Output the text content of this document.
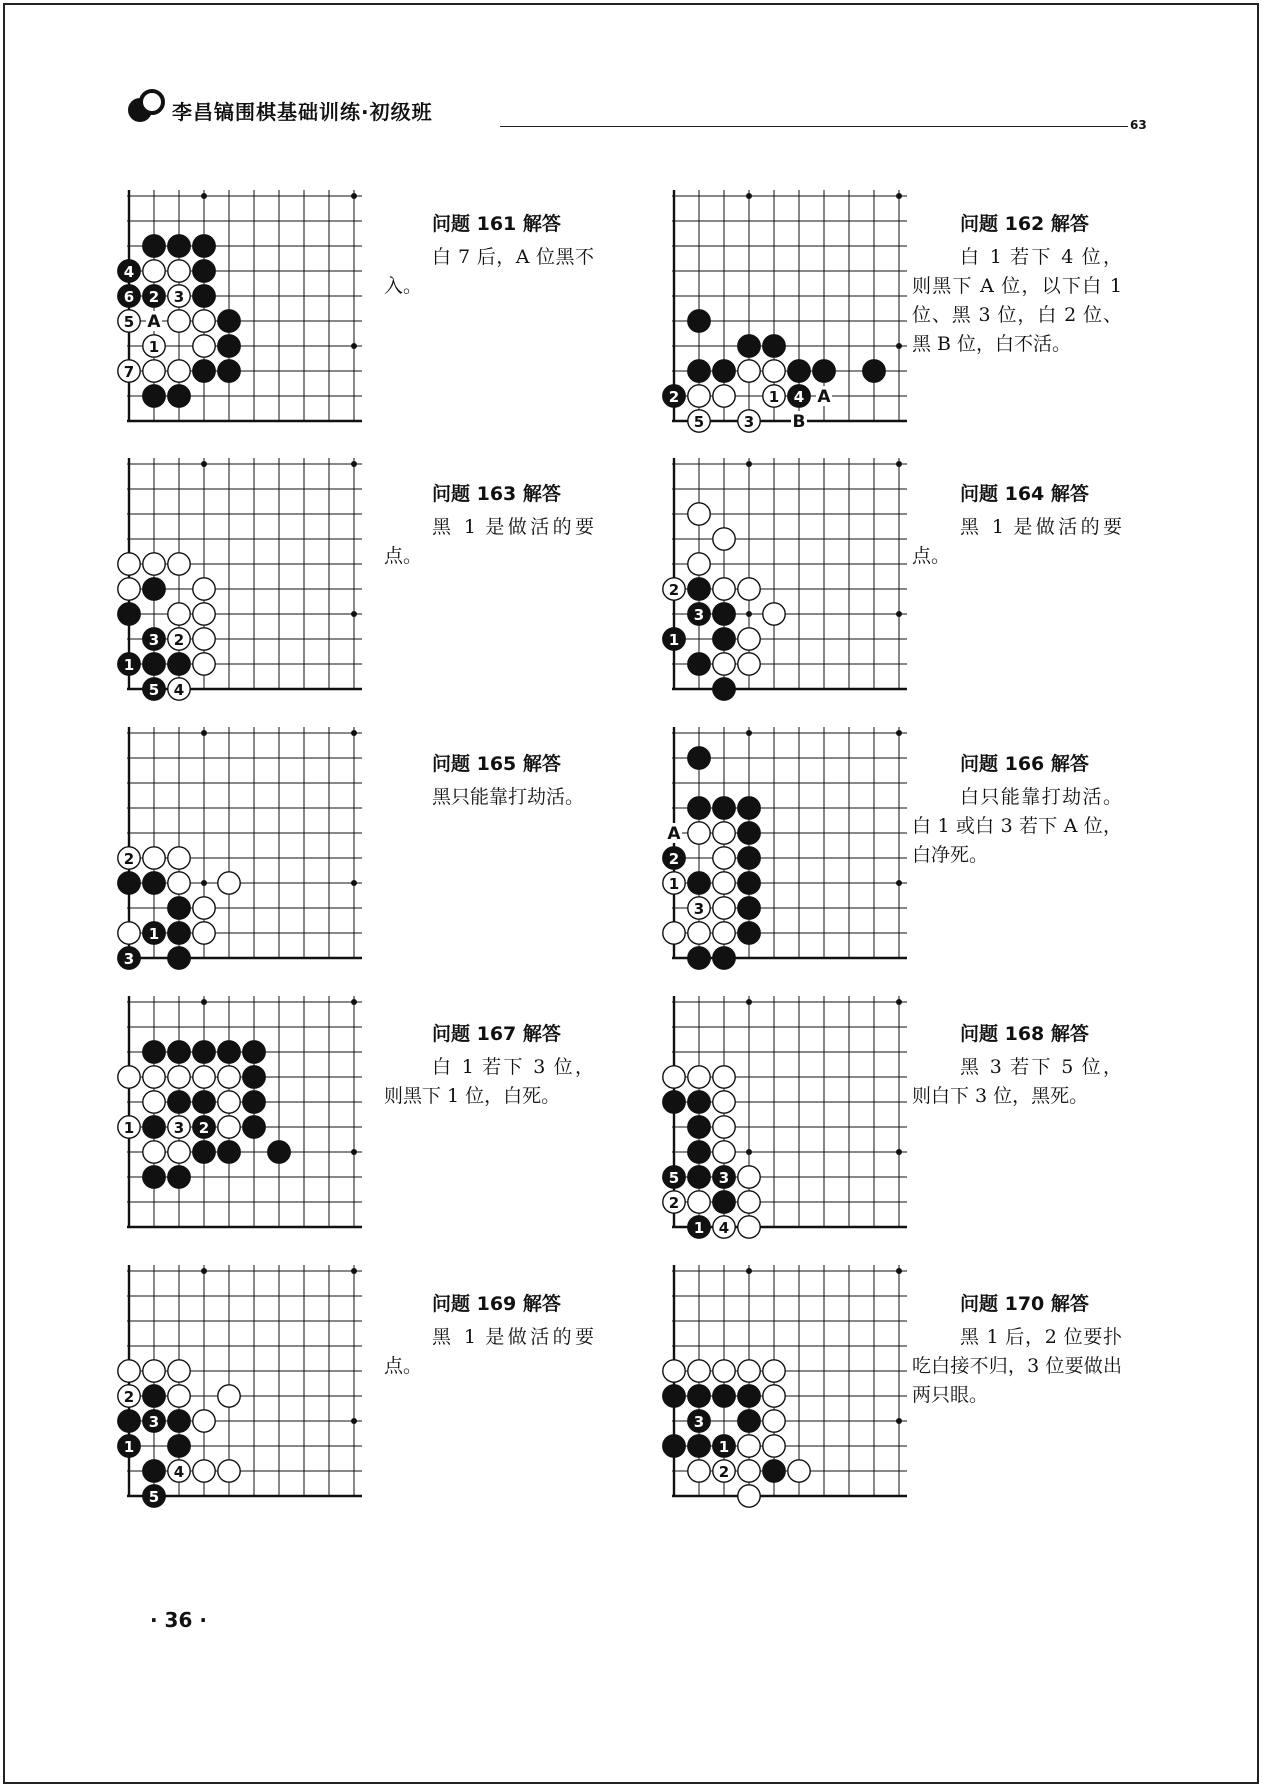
李昌镐围棋基础训练·初级班
63
4
6 2 3
5 A
1
7
问题 161 解答
白 7 后，A 位黑不入。
2	1 4 A
5	3 B
问题 162 解答
白 1 若下 4 位，则黑下 A 位，以下白 1 位、黑 3 位，白 2 位、黑 B 位，白不活。
3 2
1
5 4
问题 163 解答
黑 1 是做活的要点。
2
3
1
问题 164 解答
黑 1 是做活的要点。
2
1
3
问题 165 解答
黑只能靠打劫活。
A
2
1
3
问题 166 解答
白只能靠打劫活。白 1 或白 3 若下 A 位，白净死。
1	3 2
问题 167 解答
白 1 若下 3 位，则黑下 1 位，白死。
5	3
2
1 4
问题 168 解答
黑 3 若下 5 位，则白下 3 位，黑死。
2
3
1
4
5
问题 169 解答
黑 1 是做活的要点。
3
1
2
问题 170 解答
黑 1 后，2 位要扑吃白接不归，3 位要做出两只眼。
· 36 ·
